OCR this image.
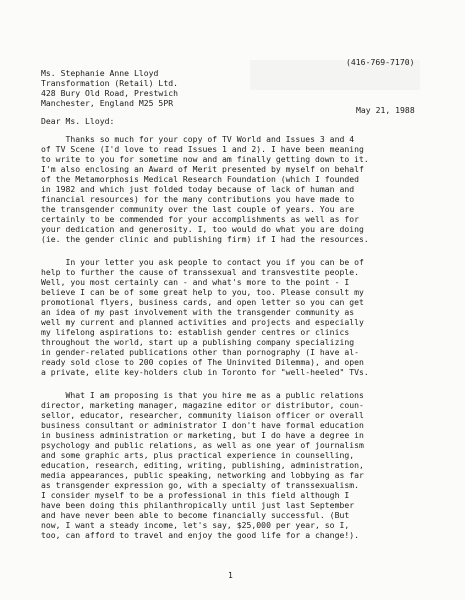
(416-769-7170)
Ms. Stephanie Anne Lloyd
Transformation (Retail) Ltd.
428 Bury Old Road, Prestwich
Manchester, England M25 5PR
May 21, 1988
Dear Ms. Lloyd:
Thanks so much for your copy of TV World and Issues 3 and 4
of TV Scene (I'd love to read Issues 1 and 2). I have been meaning
to write to you for sometime now and am finally getting down to it.
I'm also enclosing an Award of Merit presented by myself on behalf
of the Metamorphosis Medical Research Foundation (which I founded
in 1982 and which just folded today because of lack of human and
financial resources) for the many contributions you have made to
the transgender community over the last couple of years. You are
certainly to be commended for your accomplishments as well as for
your dedication and generosity. I, too would do what you are doing
(ie. the gender clinic and publishing firm) if I had the resources.
In your letter you ask people to contact you if you can be of
help to further the cause of transsexual and transvestite people.
Well, you most certainly can - and what's more to the point - I
believe I can be of some great help to you, too. Please consult my
promotional flyers, business cards, and open letter so you can get
an idea of my past involvement with the transgender community as
well my current and planned activities and projects and especially
my lifelong aspirations to: establish gender centres or clinics
throughout the world, start up a publishing company specializing
in gender-related publications other than pornography (I have al-
ready sold close to 200 copies of The Uninvited Dilemma), and open
a private, elite key-holders club in Toronto for "well-heeled" TVs.
What I am proposing is that you hire me as a public relations
director, marketing manager, magazine editor or distributor, coun-
sellor, educator, researcher, community liaison officer or overall
business consultant or administrator I don't have formal education
in business administration or marketing, but I do have a degree in
psychology and public relations, as well as one year of journalism
and some graphic arts, plus practical experience in counselling,
education, research, editing, writing, publishing, administration,
media appearances, public speaking, networking and lobbying as far
as transgender expression go, with a specialty of transsexualism.
I consider myself to be a professional in this field although I
have been doing this philanthropically until just last September
and have never been able to become financially successful. (But
now, I want a steady income, let's say, $25,000 per year, so I,
too, can afford to travel and enjoy the good life for a change!).
1
